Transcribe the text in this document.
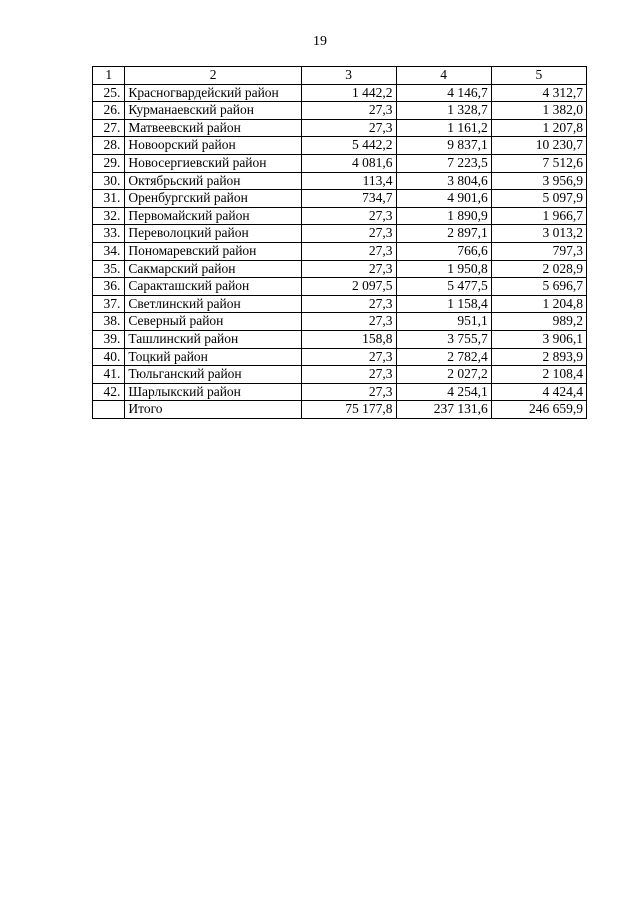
19
1	2	3	4	5
25.	Красногвардейский район	1 442,2	4 146,7	4 312,7
26.	Курманаевский район	27,3	1 328,7	1 382,0
27.	Матвеевский район	27,3	1 161,2	1 207,8
28.	Новоорский район	5 442,2	9 837,1	10 230,7
29.	Новосергиевский район	4 081,6	7 223,5	7 512,6
30.	Октябрьский район	113,4	3 804,6	3 956,9
31.	Оренбургский район	734,7	4 901,6	5 097,9
32.	Первомайский район	27,3	1 890,9	1 966,7
33.	Переволоцкий район	27,3	2 897,1	3 013,2
34.	Пономаревский район	27,3	766,6	797,3
35.	Сакмарский район	27,3	1 950,8	2 028,9
36.	Саракташский район	2 097,5	5 477,5	5 696,7
37.	Светлинский район	27,3	1 158,4	1 204,8
38.	Северный район	27,3	951,1	989,2
39.	Ташлинский район	158,8	3 755,7	3 906,1
40.	Тоцкий район	27,3	2 782,4	2 893,9
41.	Тюльганский район	27,3	2 027,2	2 108,4
42.	Шарлыкский район	27,3	4 254,1	4 424,4
	Итого	75 177,8	237 131,6	246 659,9
